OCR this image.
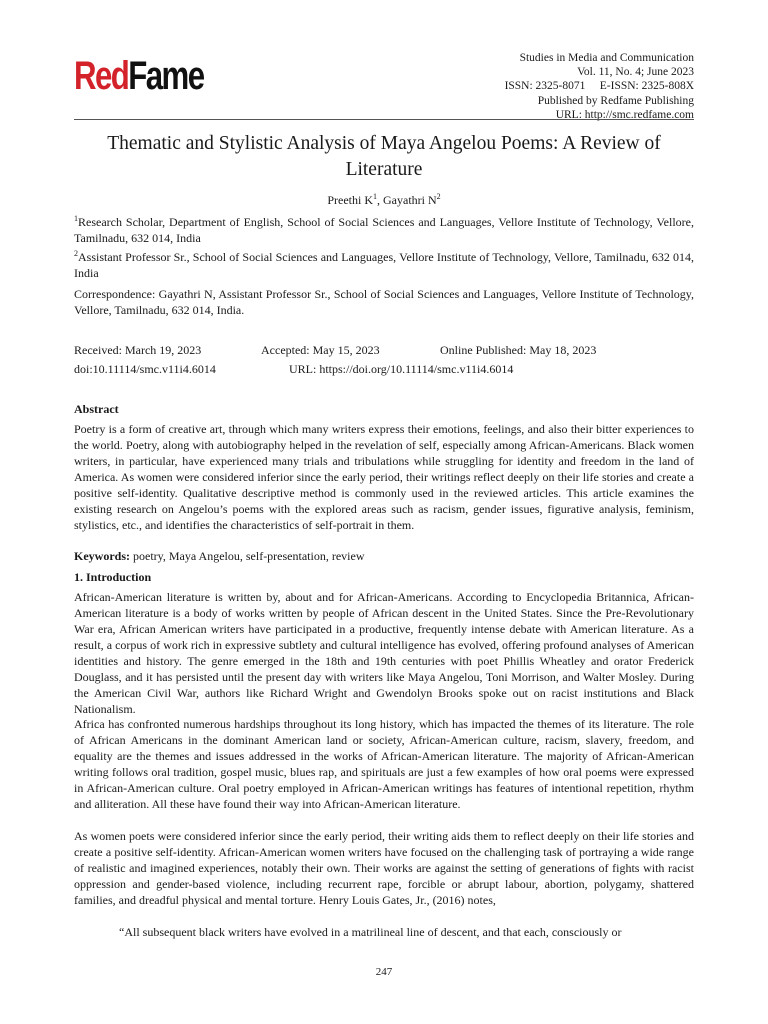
RedFame	Studies in Media and Communication
Vol. 11, No. 4; June 2023
ISSN: 2325-8071     E-ISSN: 2325-808X
Published by Redfame Publishing
URL: http://smc.redfame.com
Thematic and Stylistic Analysis of Maya Angelou Poems: A Review of Literature
Preethi $K^1$, Gayathri $N^2$
$^1$Research Scholar, Department of English, School of Social Sciences and Languages, Vellore Institute of Technology, Vellore, Tamilnadu, 632 014, India
$^2$Assistant Professor Sr., School of Social Sciences and Languages, Vellore Institute of Technology, Vellore, Tamilnadu, 632 014, India
Correspondence: Gayathri N, Assistant Professor Sr., School of Social Sciences and Languages, Vellore Institute of Technology, Vellore, Tamilnadu, 632 014, India.
Received: March 19, 2023	Accepted: May 15, 2023	Online Published: May 18, 2023
doi:10.11114/smc.v11i4.6014	URL: https://doi.org/10.11114/smc.v11i4.6014
Abstract

Poetry is a form of creative art, through which many writers express their emotions, feelings, and also their bitter experiences to the world. Poetry, along with autobiography helped in the revelation of self, especially among African-Americans. Black women writers, in particular, have experienced many trials and tribulations while struggling for identity and freedom in the land of America. As women were considered inferior since the early period, their writings reflect deeply on their life stories and create a positive self-identity. Qualitative descriptive method is commonly used in the reviewed articles. This article examines the existing research on Angelou’s poems with the explored areas such as racism, gender issues, figurative analysis, feminism, stylistics, etc., and identifies the characteristics of self-portrait in them.

Keywords: poetry, Maya Angelou, self-presentation, review
1. Introduction

African-American literature is written by, about and for African-Americans. According to Encyclopedia Britannica, African-American literature is a body of works written by people of African descent in the United States. Since the Pre-Revolutionary War era, African American writers have participated in a productive, frequently intense debate with American literature. As a result, a corpus of work rich in expressive subtlety and cultural intelligence has evolved, offering profound analyses of American identities and history. The genre emerged in the 18th and 19th centuries with poet Phillis Wheatley and orator Frederick Douglass, and it has persisted until the present day with writers like Maya Angelou, Toni Morrison, and Walter Mosley. During the American Civil War, authors like Richard Wright and Gwendolyn Brooks spoke out on racist institutions and Black Nationalism.

Africa has confronted numerous hardships throughout its long history, which has impacted the themes of its literature. The role of African Americans in the dominant American land or society, African-American culture, racism, slavery, freedom, and equality are the themes and issues addressed in the works of African-American literature. The majority of African-American writing follows oral tradition, gospel music, blues rap, and spirituals are just a few examples of how oral poems were expressed in African-American culture. Oral poetry employed in African-American writings has features of intentional repetition, rhythm and alliteration. All these have found their way into African-American literature.

As women poets were considered inferior since the early period, their writing aids them to reflect deeply on their life stories and create a positive self-identity. African-American women writers have focused on the challenging task of portraying a wide range of realistic and imagined experiences, notably their own. Their works are against the setting of generations of fights with racist oppression and gender-based violence, including recurrent rape, forcible or abrupt labour, abortion, polygamy, shattered families, and dreadful physical and mental torture. Henry Louis Gates, Jr., (2016) notes,

“All subsequent black writers have evolved in a matrilineal line of descent, and that each, consciously or
247
